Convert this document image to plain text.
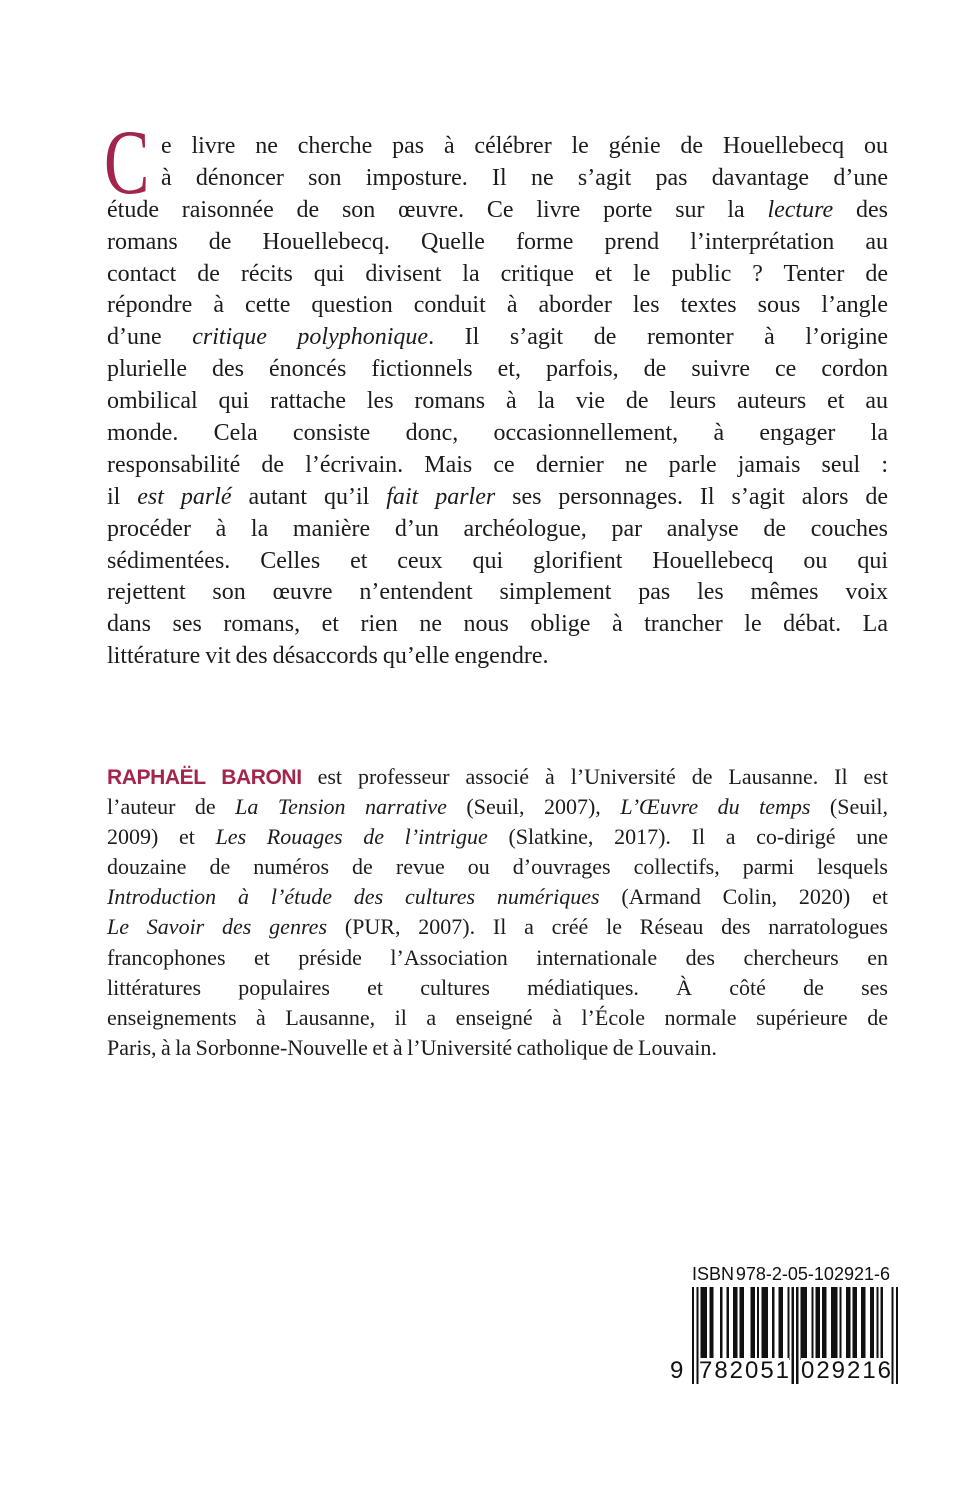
C e livre ne cherche pas à célébrer le génie de Houellebecq ou
à dénoncer son imposture. Il ne s’agit pas davantage d’une
étude raisonnée de son œuvre. Ce livre porte sur la lecture des
romans de Houellebecq. Quelle forme prend l’interprétation au
contact de récits qui divisent la critique et le public ? Tenter de
répondre à cette question conduit à aborder les textes sous l’angle
d’une critique polyphonique. Il s’agit de remonter à l’origine
plurielle des énoncés fictionnels et, parfois, de suivre ce cordon
ombilical qui rattache les romans à la vie de leurs auteurs et au
monde. Cela consiste donc, occasionnellement, à engager la
responsabilité de l’écrivain. Mais ce dernier ne parle jamais seul :
il est parlé autant qu’il fait parler ses personnages. Il s’agit alors de
procéder à la manière d’un archéologue, par analyse de couches
sédimentées. Celles et ceux qui glorifient Houellebecq ou qui
rejettent son œuvre n’entendent simplement pas les mêmes voix
dans ses romans, et rien ne nous oblige à trancher le débat. La
littérature vit des désaccords qu’elle engendre.
RAPHAËL BARONI est professeur associé à l’Université de Lausanne. Il est
l’auteur de La Tension narrative (Seuil, 2007), L’Œuvre du temps (Seuil,
2009) et Les Rouages de l’intrigue (Slatkine, 2017). Il a co-dirigé une
douzaine de numéros de revue ou d’ouvrages collectifs, parmi lesquels
Introduction à l’étude des cultures numériques (Armand Colin, 2020) et
Le Savoir des genres (PUR, 2007). Il a créé le Réseau des narratologues
francophones et préside l’Association internationale des chercheurs en
littératures populaires et cultures médiatiques. À côté de ses
enseignements à Lausanne, il a enseigné à l’École normale supérieure de
Paris, à la Sorbonne-Nouvelle et à l’Université catholique de Louvain.
ISBN 978-2-05-102921-6
9 7 8 2 0 5 1 0 2 9 2 1 6
